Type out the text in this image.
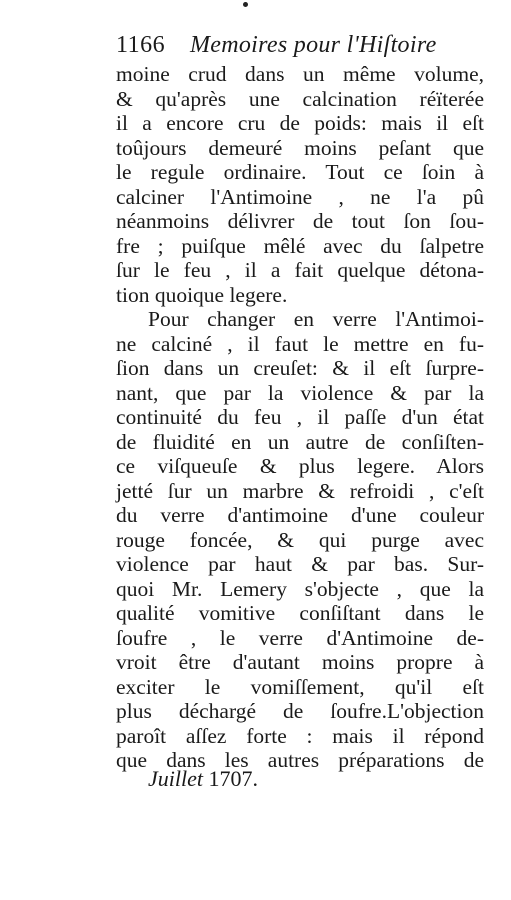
1166 Memoires pour l'Hiſtoire
moine crud dans un même volume,
& qu'après une calcination réïterée
il a encore cru de poids: mais il eſt
toûjours demeuré moins peſant que
le regule ordinaire. Tout ce ſoin à
calciner l'Antimoine , ne l'a pû
néanmoins délivrer de tout ſon ſou-
fre ; puiſque mêlé avec du ſalpetre
ſur le feu , il a fait quelque détona-
tion quoique legere.
Pour changer en verre l'Antimoi-
ne calciné , il faut le mettre en fu-
ſion dans un creuſet: & il eſt ſurpre-
nant, que par la violence & par la
continuité du feu , il paſſe d'un état
de fluidité en un autre de conſiſten-
ce viſqueuſe & plus legere. Alors
jetté ſur un marbre & refroidi , c'eſt
du verre d'antimoine d'une couleur
rouge foncée, & qui purge avec
violence par haut & par bas. Sur-
quoi Mr. Lemery s'objecte , que la
qualité vomitive conſiſtant dans le
ſoufre , le verre d'Antimoine de-
vroit être d'autant moins propre à
exciter le vomiſſement, qu'il eſt
plus déchargé de ſoufre.L'objection
paroît aſſez forte : mais il répond
que dans les autres préparations de
Juillet 1707.
